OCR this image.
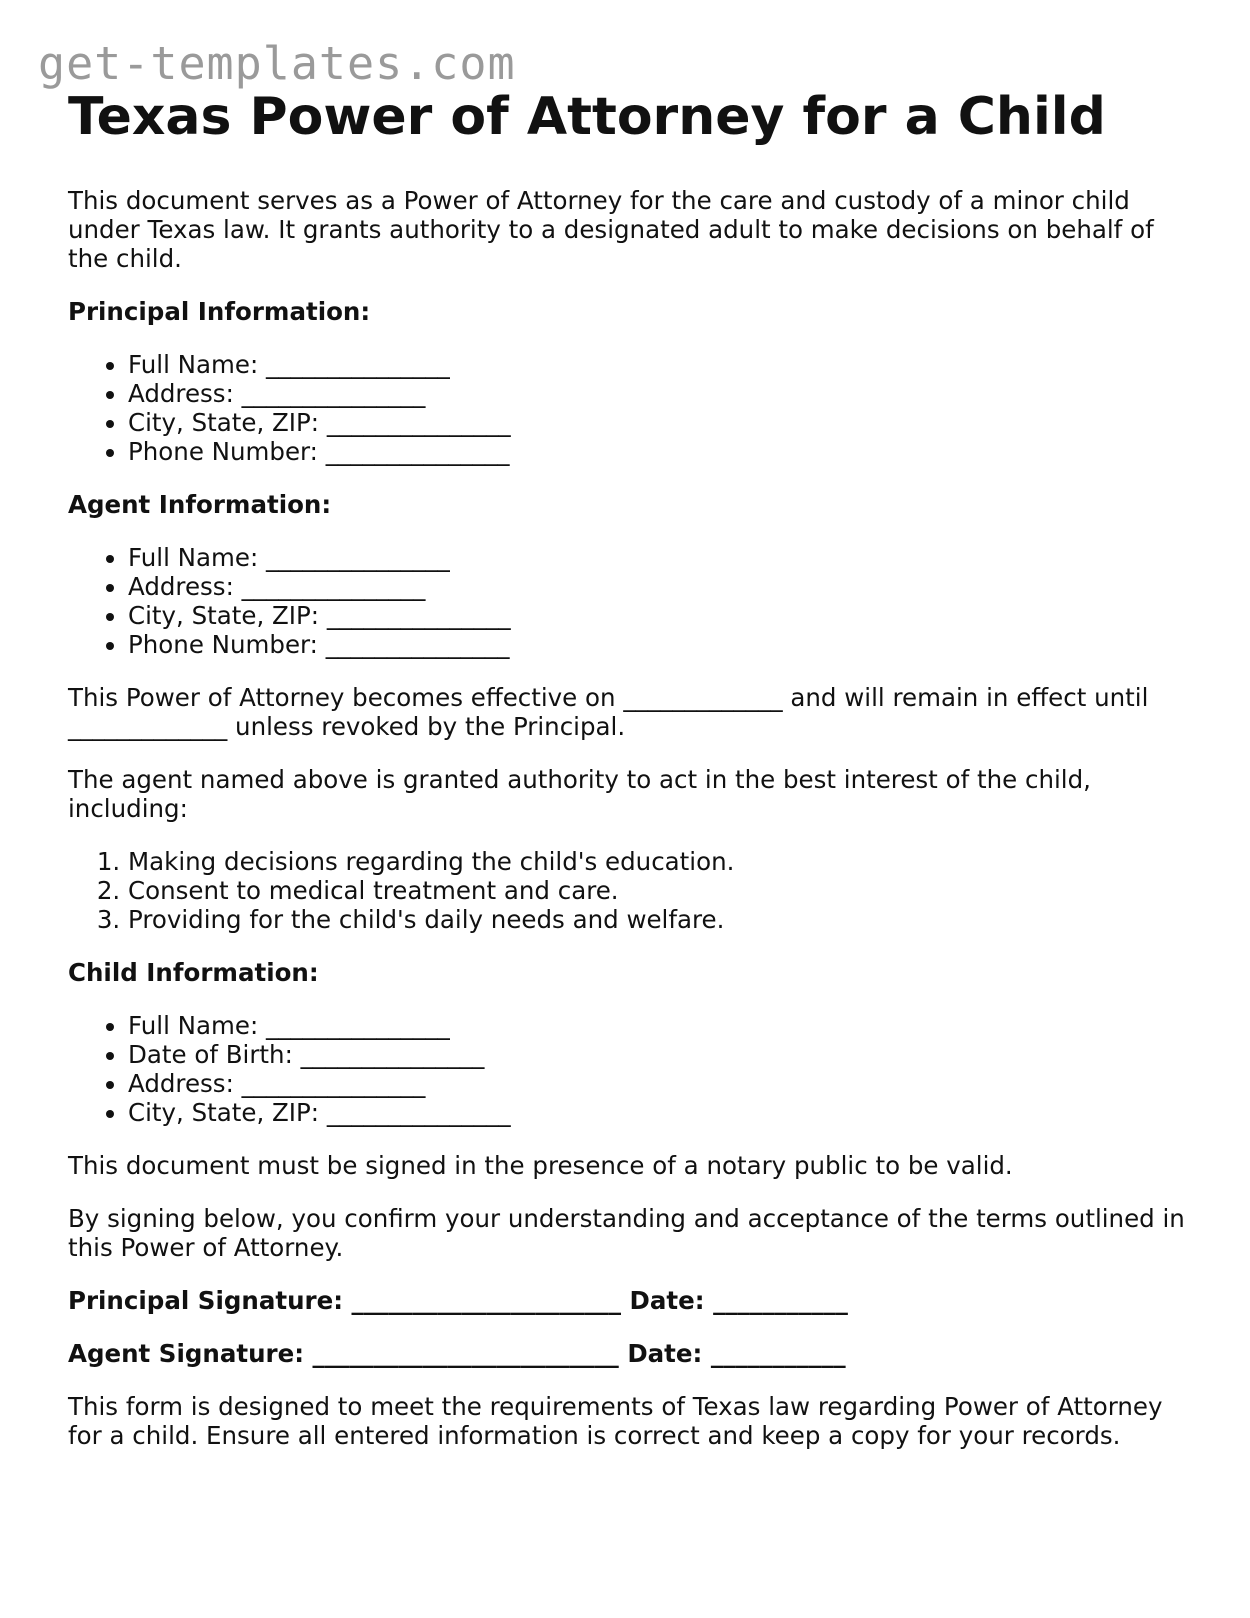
get-templates.com
Texas Power of Attorney for a Child

This document serves as a Power of Attorney for the care and custody of a minor child under Texas law. It grants authority to a designated adult to make decisions on behalf of the child.

Principal Information:

• Full Name: _______________
• Address: _______________
• City, State, ZIP: _______________
• Phone Number: _______________

Agent Information:

• Full Name: _______________
• Address: _______________
• City, State, ZIP: _______________
• Phone Number: _______________

This Power of Attorney becomes effective on _____________ and will remain in effect until _____________ unless revoked by the Principal.

The agent named above is granted authority to act in the best interest of the child, including:

1. Making decisions regarding the child's education.
2. Consent to medical treatment and care.
3. Providing for the child's daily needs and welfare.

Child Information:

• Full Name: _______________
• Date of Birth: _______________
• Address: _______________
• City, State, ZIP: _______________

This document must be signed in the presence of a notary public to be valid.

By signing below, you confirm your understanding and acceptance of the terms outlined in this Power of Attorney.

Principal Signature: ______________________ Date: ___________

Agent Signature: _________________________ Date: ___________

This form is designed to meet the requirements of Texas law regarding Power of Attorney for a child. Ensure all entered information is correct and keep a copy for your records.
